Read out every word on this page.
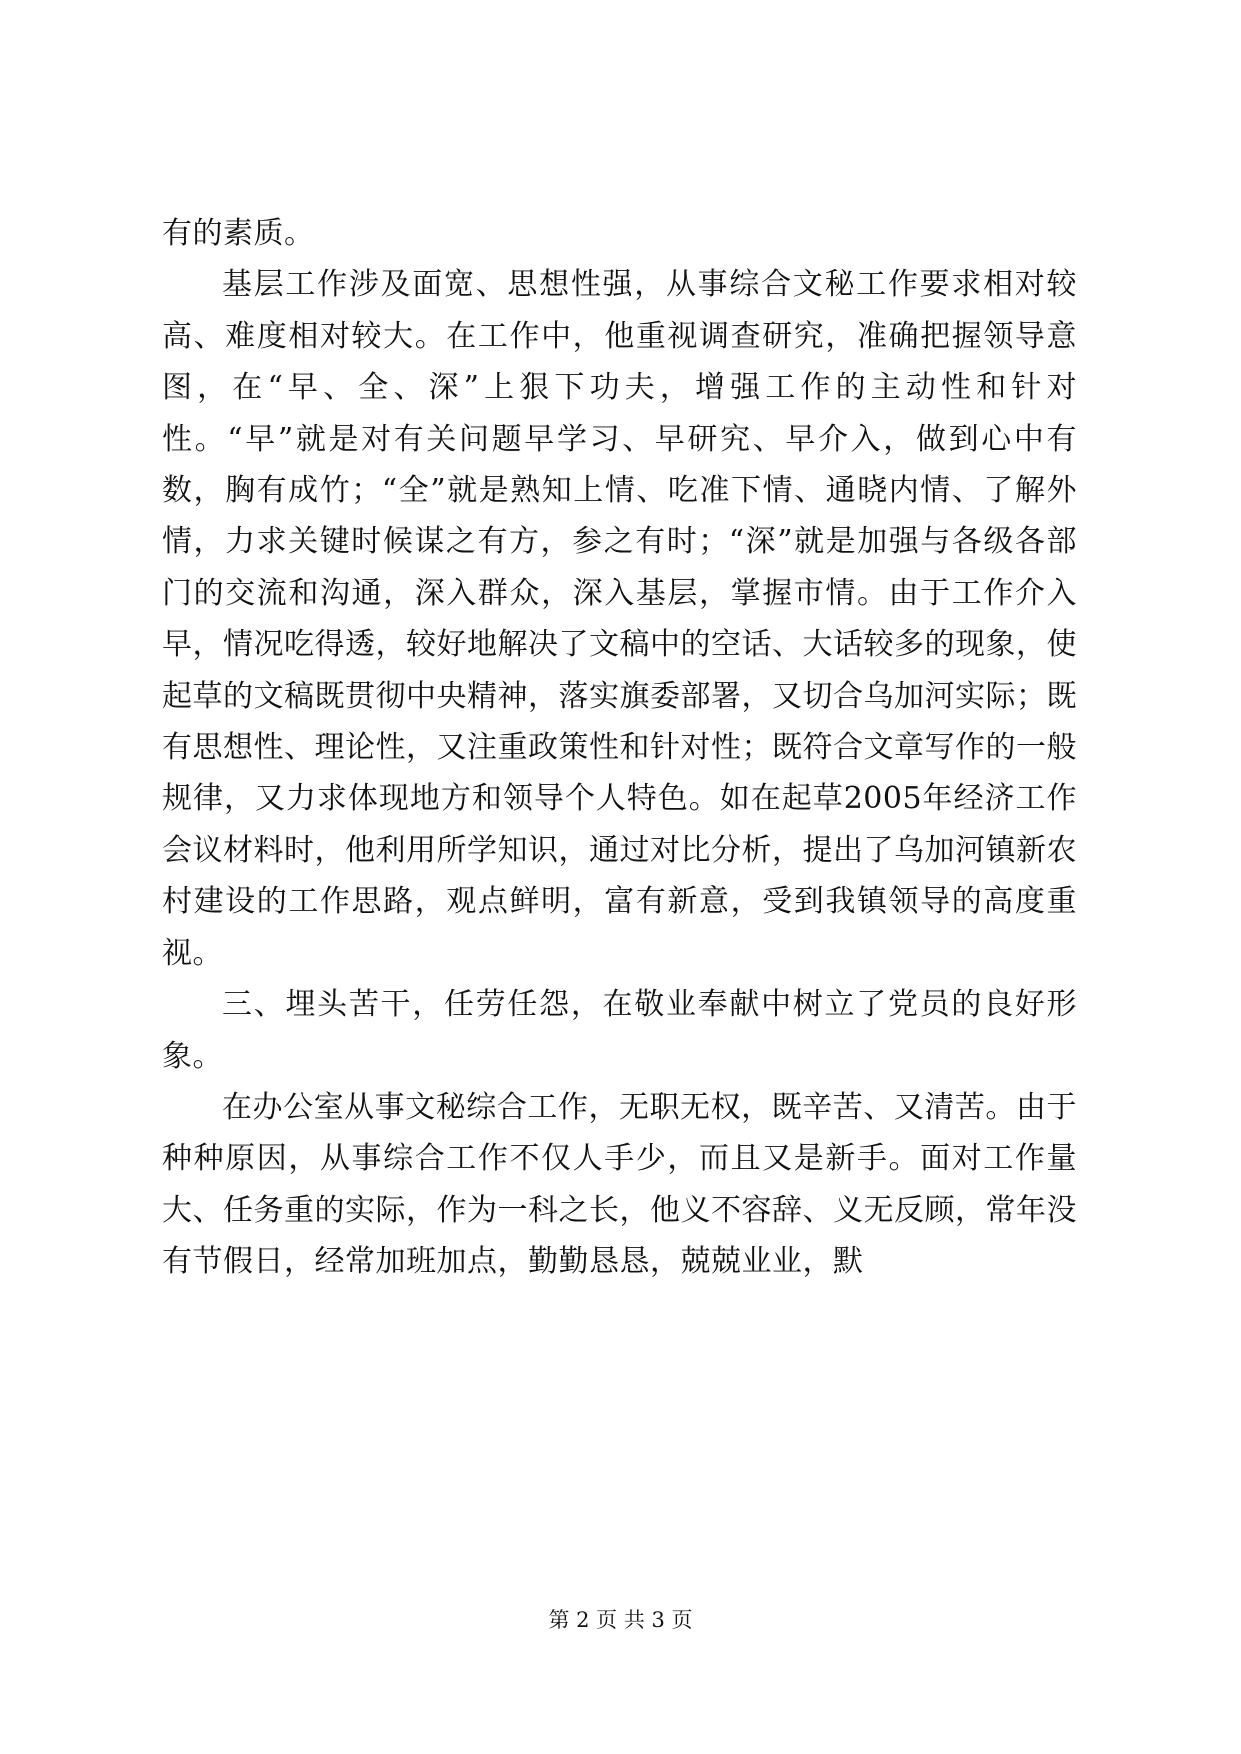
有的素质。

基层工作涉及面宽、思想性强，从事综合文秘工作要求相对较高、难度相对较大。在工作中，他重视调查研究，准确把握领导意图，在“早、全、深”上狠下功夫，增强工作的主动性和针对性。“早”就是对有关问题早学习、早研究、早介入，做到心中有数，胸有成竹；“全”就是熟知上情、吃准下情、通晓内情、了解外情，力求关键时候谋之有方，参之有时；“深”就是加强与各级各部门的交流和沟通，深入群众，深入基层，掌握市情。由于工作介入早，情况吃得透，较好地解决了文稿中的空话、大话较多的现象，使起草的文稿既贯彻中央精神，落实旗委部署，又切合乌加河实际；既有思想性、理论性，又注重政策性和针对性；既符合文章写作的一般规律，又力求体现地方和领导个人特色。如在起草2005年经济工作会议材料时，他利用所学知识，通过对比分析，提出了乌加河镇新农村建设的工作思路，观点鲜明，富有新意，受到我镇领导的高度重视。

三、埋头苦干，任劳任怨，在敬业奉献中树立了党员的良好形象。

在办公室从事文秘综合工作，无职无权，既辛苦、又清苦。由于种种原因，从事综合工作不仅人手少，而且又是新手。面对工作量大、任务重的实际，作为一科之长，他义不容辞、义无反顾，常年没有节假日，经常加班加点，勤勤恳恳，兢兢业业，默

第 2 页 共 3 页
